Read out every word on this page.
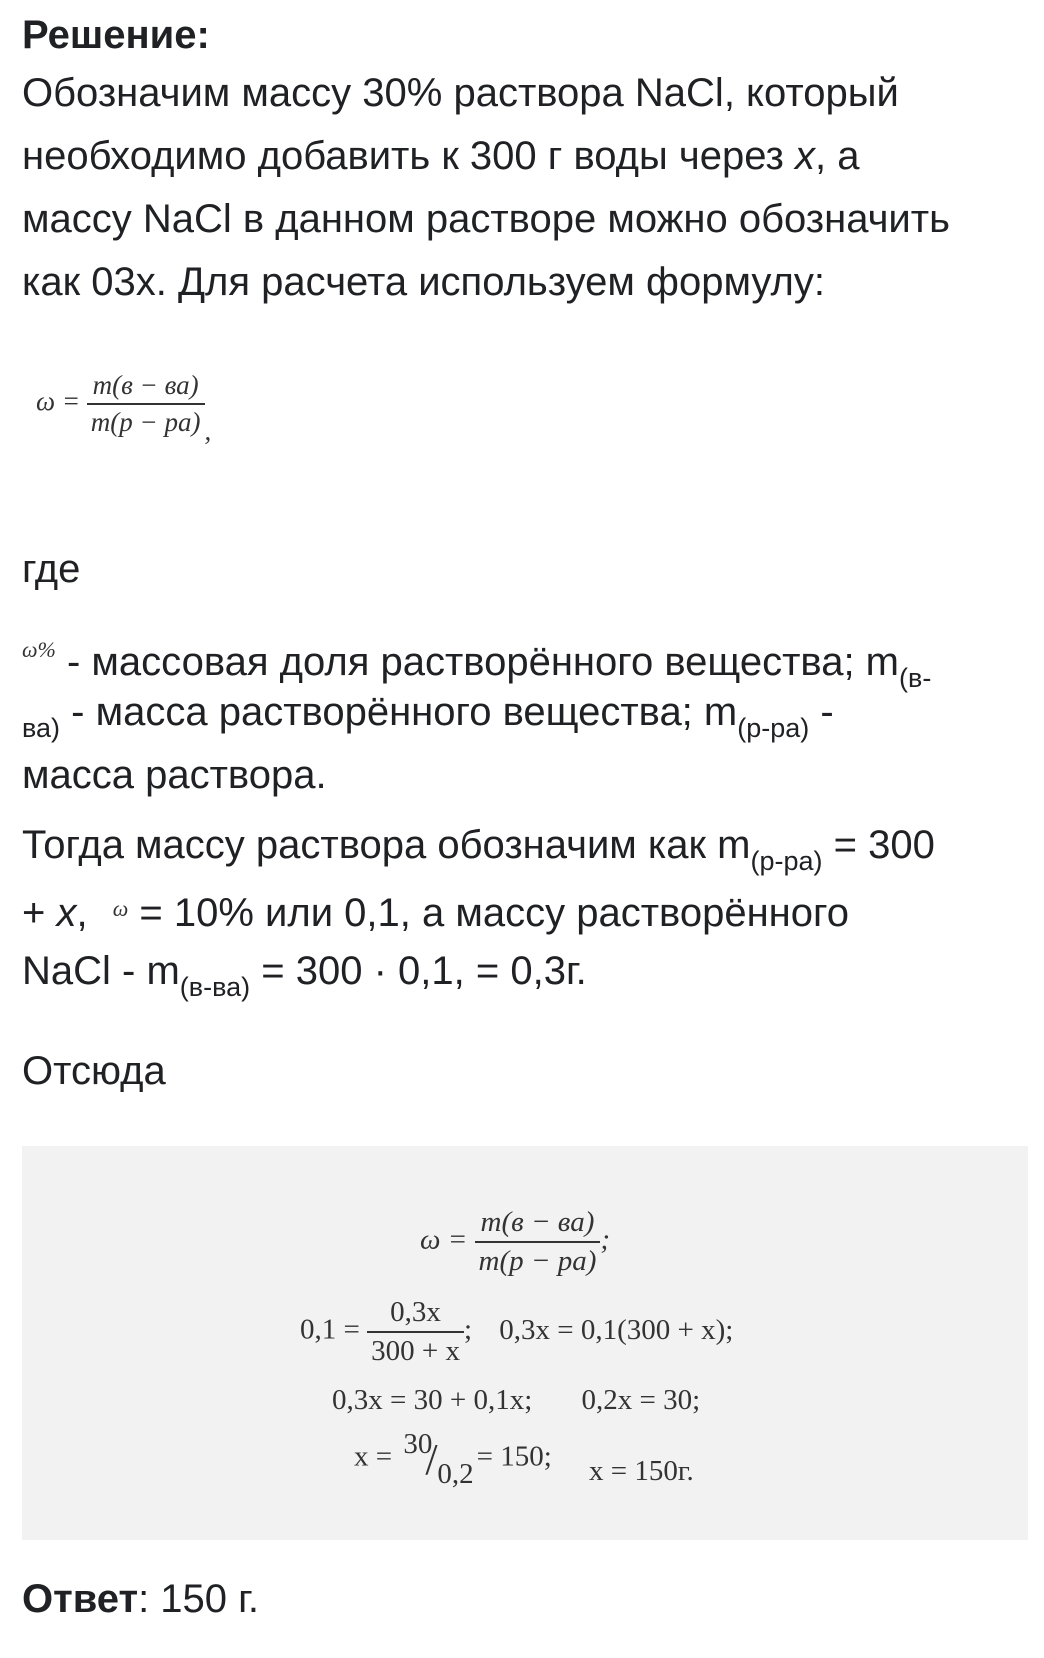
Решение:
Обозначим массу 30% раствора NaCl, который
необходимо добавить к 300 г воды через x, а
массу NaCl в данном растворе можно обозначить
как 03x. Для расчета используем формулу:
$\omega = \frac{m(в - ва)}{m(p - pa)}$ ,
где
$^{\omega\%}$ - массовая доля растворённого вещества; $m_{(в-}$
$_{ва)}$ - масса растворённого вещества; $m_{(р-ра)}$ -
масса раствора.
Тогда массу раствора обозначим как $m_{(р-ра)} = 300$
+ x, $^\omega$ = 10% или 0,1, а массу растворённого
NaCl - $m_{(в-ва)} = 300 \cdot 0,1$, = 0,3г.
Отсюда
$\omega = \frac{m(в - ва)}{m(p - pa)}$ ;
$0,1 = \frac{0,3x}{300 + x}$ ; 0,3x = 0,1(300 + x);
0,3x = 30 + 0,1x; 0,2x = 30;
x = 30
/ 0,2
= 150; x = 150г.
Ответ: 150 г.
